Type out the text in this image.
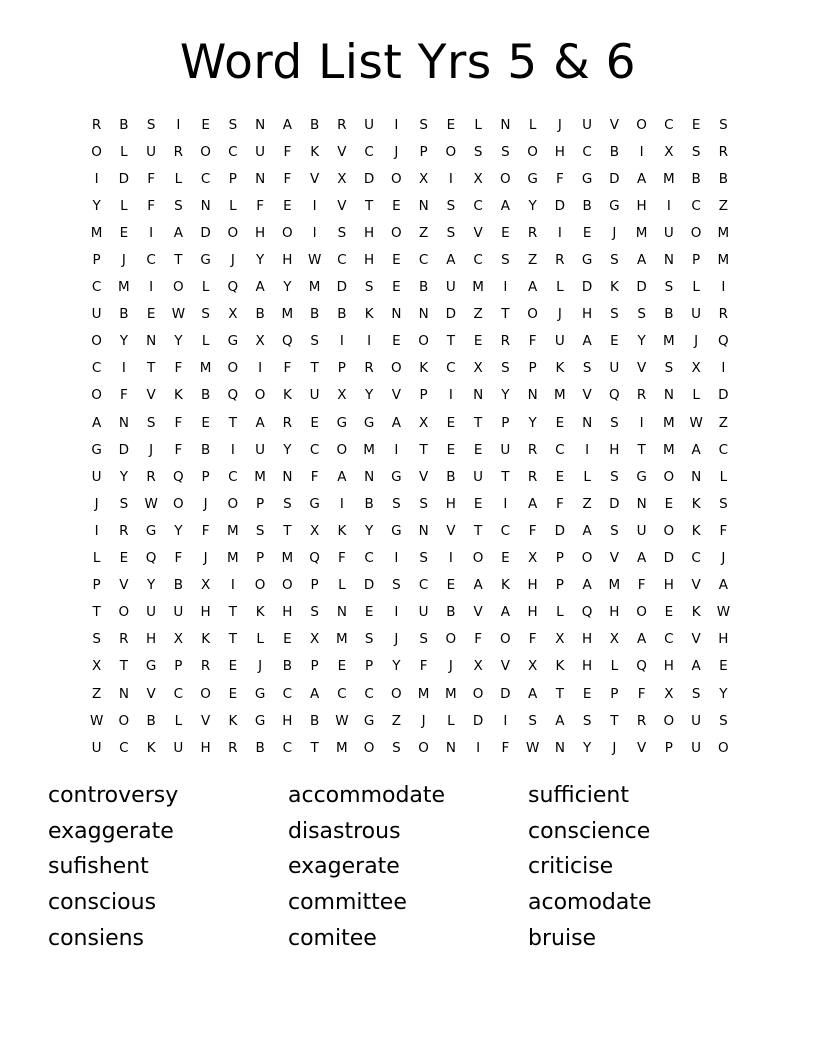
Word List Yrs 5 & 6
R	B	S	I	E	S	N	A	B	R	U	I	S	E	L	N	L	J	U	V	O	C	E	S
O	L	U	R	O	C	U	F	K	V	C	J	P	O	S	S	O	H	C	B	I	X	S	R
I	D	F	L	C	P	N	F	V	X	D	O	X	I	X	O	G	F	G	D	A	M	B	B
Y	L	F	S	N	L	F	E	I	V	T	E	N	S	C	A	Y	D	B	G	H	I	C	Z
M	E	I	A	D	O	H	O	I	S	H	O	Z	S	V	E	R	I	E	J	M	U	O	M
P	J	C	T	G	J	Y	H	W	C	H	E	C	A	C	S	Z	R	G	S	A	N	P	M
C	M	I	O	L	Q	A	Y	M	D	S	E	B	U	M	I	A	L	D	K	D	S	L	I
U	B	E	W	S	X	B	M	B	B	K	N	N	D	Z	T	O	J	H	S	S	B	U	R
O	Y	N	Y	L	G	X	Q	S	I	I	E	O	T	E	R	F	U	A	E	Y	M	J	Q
C	I	T	F	M	O	I	F	T	P	R	O	K	C	X	S	P	K	S	U	V	S	X	I
O	F	V	K	B	Q	O	K	U	X	Y	V	P	I	N	Y	N	M	V	Q	R	N	L	D
A	N	S	F	E	T	A	R	E	G	G	A	X	E	T	P	Y	E	N	S	I	M	W	Z
G	D	J	F	B	I	U	Y	C	O	M	I	T	E	E	U	R	C	I	H	T	M	A	C
U	Y	R	Q	P	C	M	N	F	A	N	G	V	B	U	T	R	E	L	S	G	O	N	L
J	S	W	O	J	O	P	S	G	I	B	S	S	H	E	I	A	F	Z	D	N	E	K	S
I	R	G	Y	F	M	S	T	X	K	Y	G	N	V	T	C	F	D	A	S	U	O	K	F
L	E	Q	F	J	M	P	M	Q	F	C	I	S	I	O	E	X	P	O	V	A	D	C	J
P	V	Y	B	X	I	O	O	P	L	D	S	C	E	A	K	H	P	A	M	F	H	V	A
T	O	U	U	H	T	K	H	S	N	E	I	U	B	V	A	H	L	Q	H	O	E	K	W
S	R	H	X	K	T	L	E	X	M	S	J	S	O	F	O	F	X	H	X	A	C	V	H
X	T	G	P	R	E	J	B	P	E	P	Y	F	J	X	V	X	K	H	L	Q	H	A	E
Z	N	V	C	O	E	G	C	A	C	C	O	M	M	O	D	A	T	E	P	F	X	S	Y
W	O	B	L	V	K	G	H	B	W	G	Z	J	L	D	I	S	A	S	T	R	O	U	S
U	C	K	U	H	R	B	C	T	M	O	S	O	N	I	F	W	N	Y	J	V	P	U	O
controversy	accommodate	sufficient
exaggerate	disastrous	conscience
sufishent	exagerate	criticise
conscious	committee	acomodate
consiens	comitee	bruise
